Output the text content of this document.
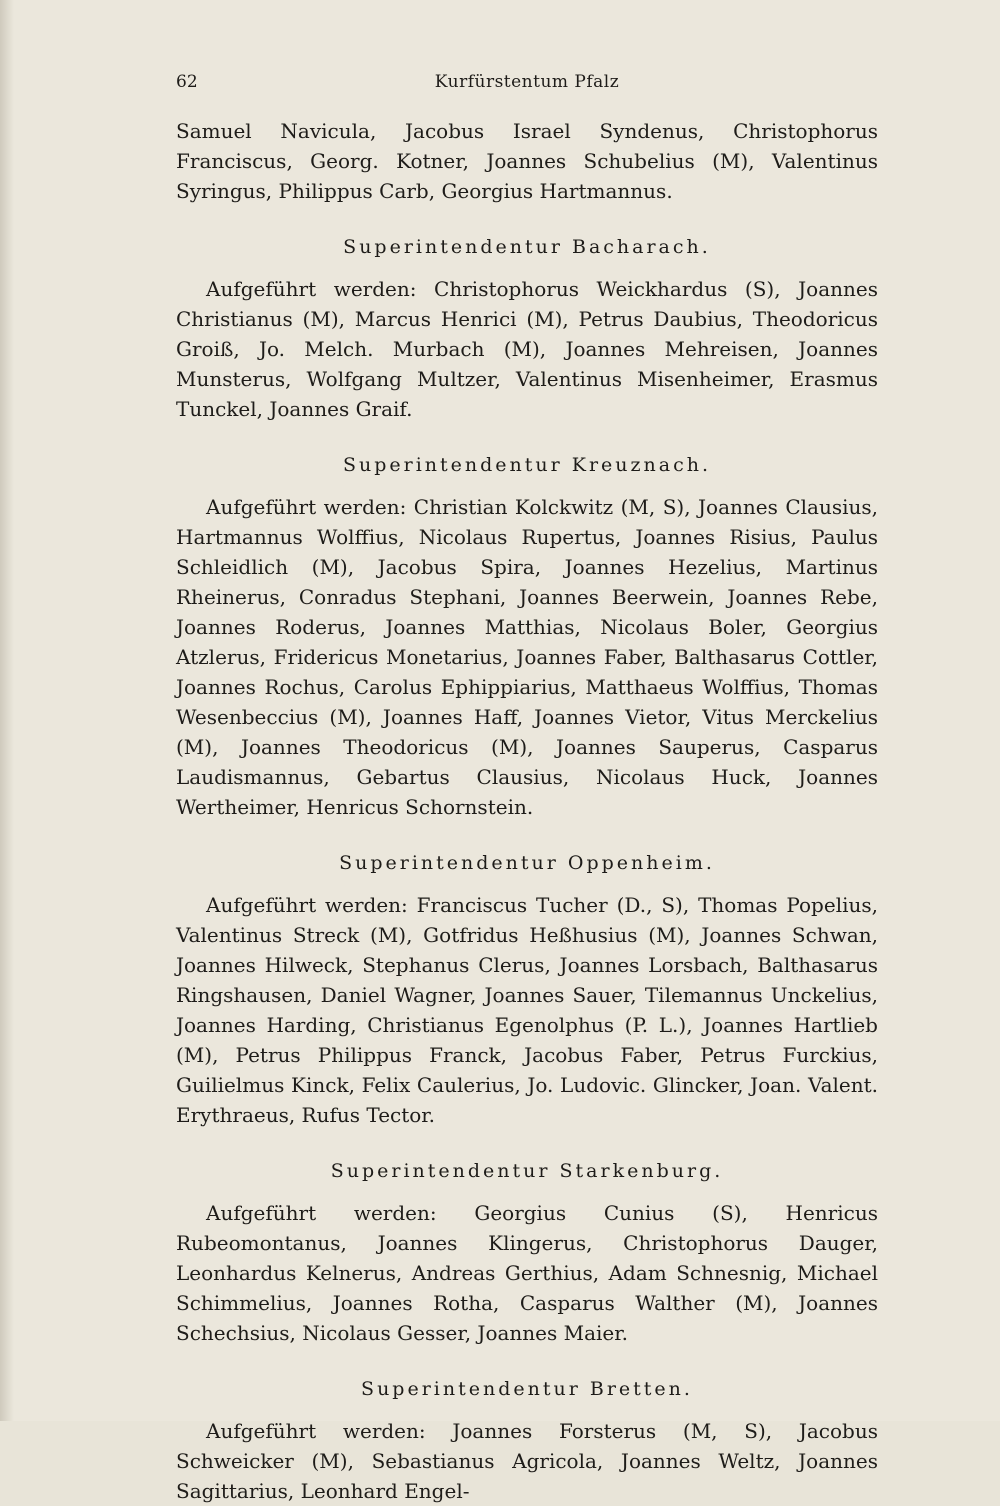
62	Kurfürstentum Pfalz

Samuel Navicula, Jacobus Israel Syndenus, Christophorus Franciscus, Georg. Kotner, Joannes Schubelius (M), Valentinus Syringus, Philippus Carb, Georgius Hartmannus.

Superintendentur Bacharach.

Aufgeführt werden: Christophorus Weickhardus (S), Joannes Christianus (M), Marcus Henrici (M), Petrus Daubius, Theodoricus Groiß, Jo. Melch. Murbach (M), Joannes Mehreisen, Joannes Munsterus, Wolfgang Multzer, Valentinus Misenheimer, Erasmus Tunckel, Joannes Graif.

Superintendentur Kreuznach.

Aufgeführt werden: Christian Kolckwitz (M, S), Joannes Clausius, Hartmannus Wolffius, Nicolaus Rupertus, Joannes Risius, Paulus Schleidlich (M), Jacobus Spira, Joannes Hezelius, Martinus Rheinerus, Conradus Stephani, Joannes Beerwein, Joannes Rebe, Joannes Roderus, Joannes Matthias, Nicolaus Boler, Georgius Atzlerus, Fridericus Monetarius, Joannes Faber, Balthasarus Cottler, Joannes Rochus, Carolus Ephippiarius, Matthaeus Wolffius, Thomas Wesenbeccius (M), Joannes Haff, Joannes Vietor, Vitus Merckelius (M), Joannes Theodoricus (M), Joannes Sauperus, Casparus Laudismannus, Gebartus Clausius, Nicolaus Huck, Joannes Wertheimer, Henricus Schornstein.

Superintendentur Oppenheim.

Aufgeführt werden: Franciscus Tucher (D., S), Thomas Popelius, Valentinus Streck (M), Gotfridus Heßhusius (M), Joannes Schwan, Joannes Hilweck, Stephanus Clerus, Joannes Lorsbach, Balthasarus Ringshausen, Daniel Wagner, Joannes Sauer, Tilemannus Unckelius, Joannes Harding, Christianus Egenolphus (P. L.), Joannes Hartlieb (M), Petrus Philippus Franck, Jacobus Faber, Petrus Furckius, Guilielmus Kinck, Felix Caulerius, Jo. Ludovic. Glincker, Joan. Valent. Erythraeus, Rufus Tector.

Superintendentur Starkenburg.

Aufgeführt werden: Georgius Cunius (S), Henricus Rubeomontanus, Joannes Klingerus, Christophorus Dauger, Leonhardus Kelnerus, Andreas Gerthius, Adam Schnesnig, Michael Schimmelius, Joannes Rotha, Casparus Walther (M), Joannes Schechsius, Nicolaus Gesser, Joannes Maier.

Superintendentur Bretten.

Aufgeführt werden: Joannes Forsterus (M, S), Jacobus Schweicker (M), Sebastianus Agricola, Joannes Weltz, Joannes Sagittarius, Leonhard Engel-
